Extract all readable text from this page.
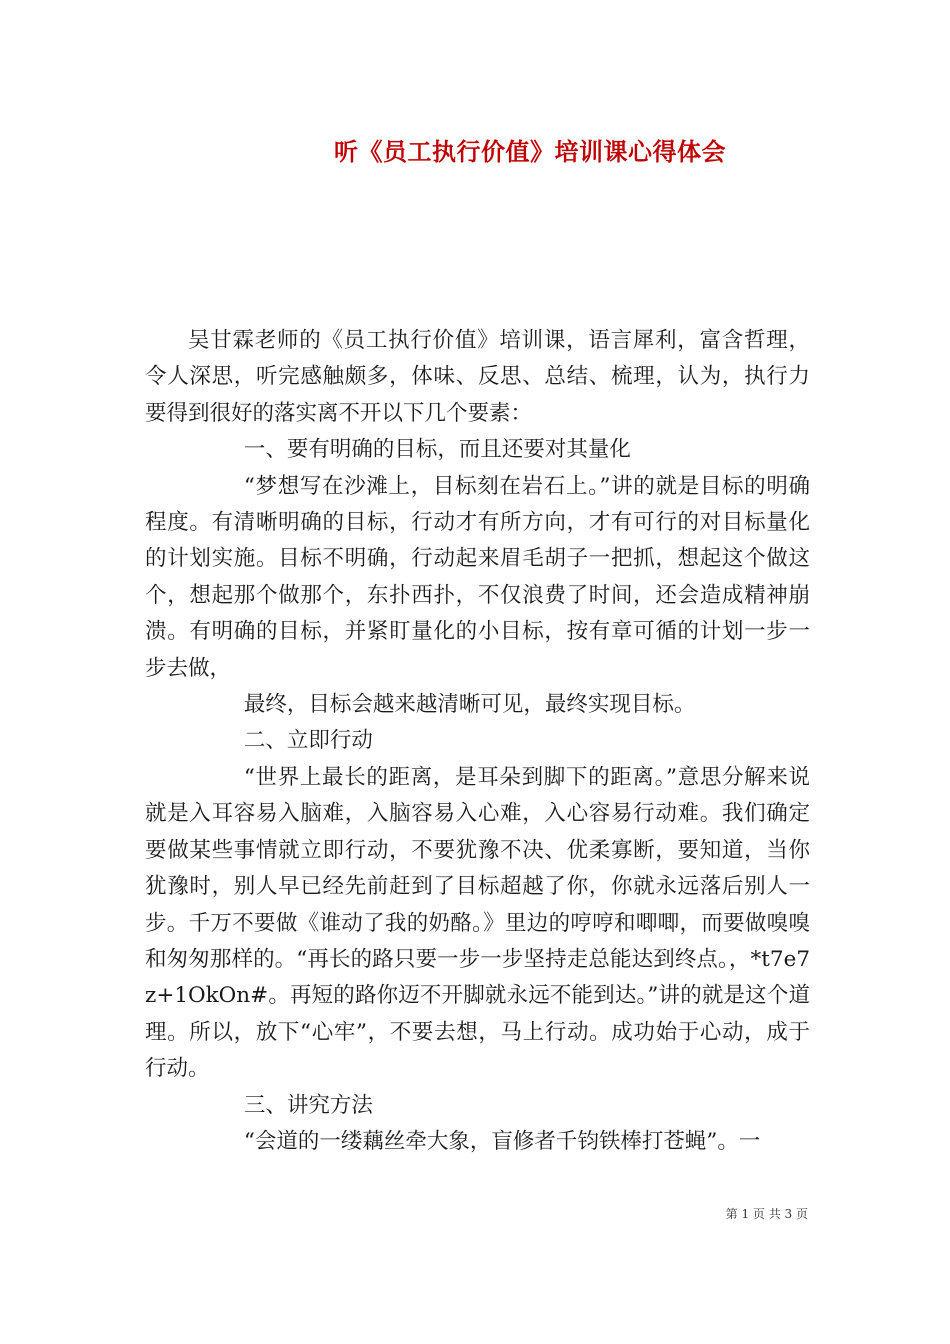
听《员工执行价值》培训课心得体会

吴甘霖老师的《员工执行价值》培训课，语言犀利，富含哲理，令人深思，听完感触颇多，体味、反思、总结、梳理，认为，执行力要得到很好的落实离不开以下几个要素：

一、要有明确的目标，而且还要对其量化

“梦想写在沙滩上，目标刻在岩石上。”讲的就是目标的明确程度。有清晰明确的目标，行动才有所方向，才有可行的对目标量化的计划实施。目标不明确，行动起来眉毛胡子一把抓，想起这个做这个，想起那个做那个，东扑西扑，不仅浪费了时间，还会造成精神崩溃。有明确的目标，并紧盯量化的小目标，按有章可循的计划一步一步去做，

最终，目标会越来越清晰可见，最终实现目标。

二、立即行动

“世界上最长的距离，是耳朵到脚下的距离。”意思分解来说就是入耳容易入脑难，入脑容易入心难，入心容易行动难。我们确定要做某些事情就立即行动，不要犹豫不决、优柔寡断，要知道，当你犹豫时，别人早已经先前赶到了目标超越了你，你就永远落后别人一步。千万不要做《谁动了我的奶酪。》里边的哼哼和唧唧，而要做嗅嗅和匆匆那样的。“再长的路只要一步一步坚持走总能达到终点。，*t7e7z+1OkOn#。再短的路你迈不开脚就永远不能到达。”讲的就是这个道理。所以，放下“心牢”，不要去想，马上行动。成功始于心动，成于行动。

三、讲究方法

“会道的一缕藕丝牵大象，盲修者千钧铁棒打苍蝇”。一

第 1 页 共 3 页
